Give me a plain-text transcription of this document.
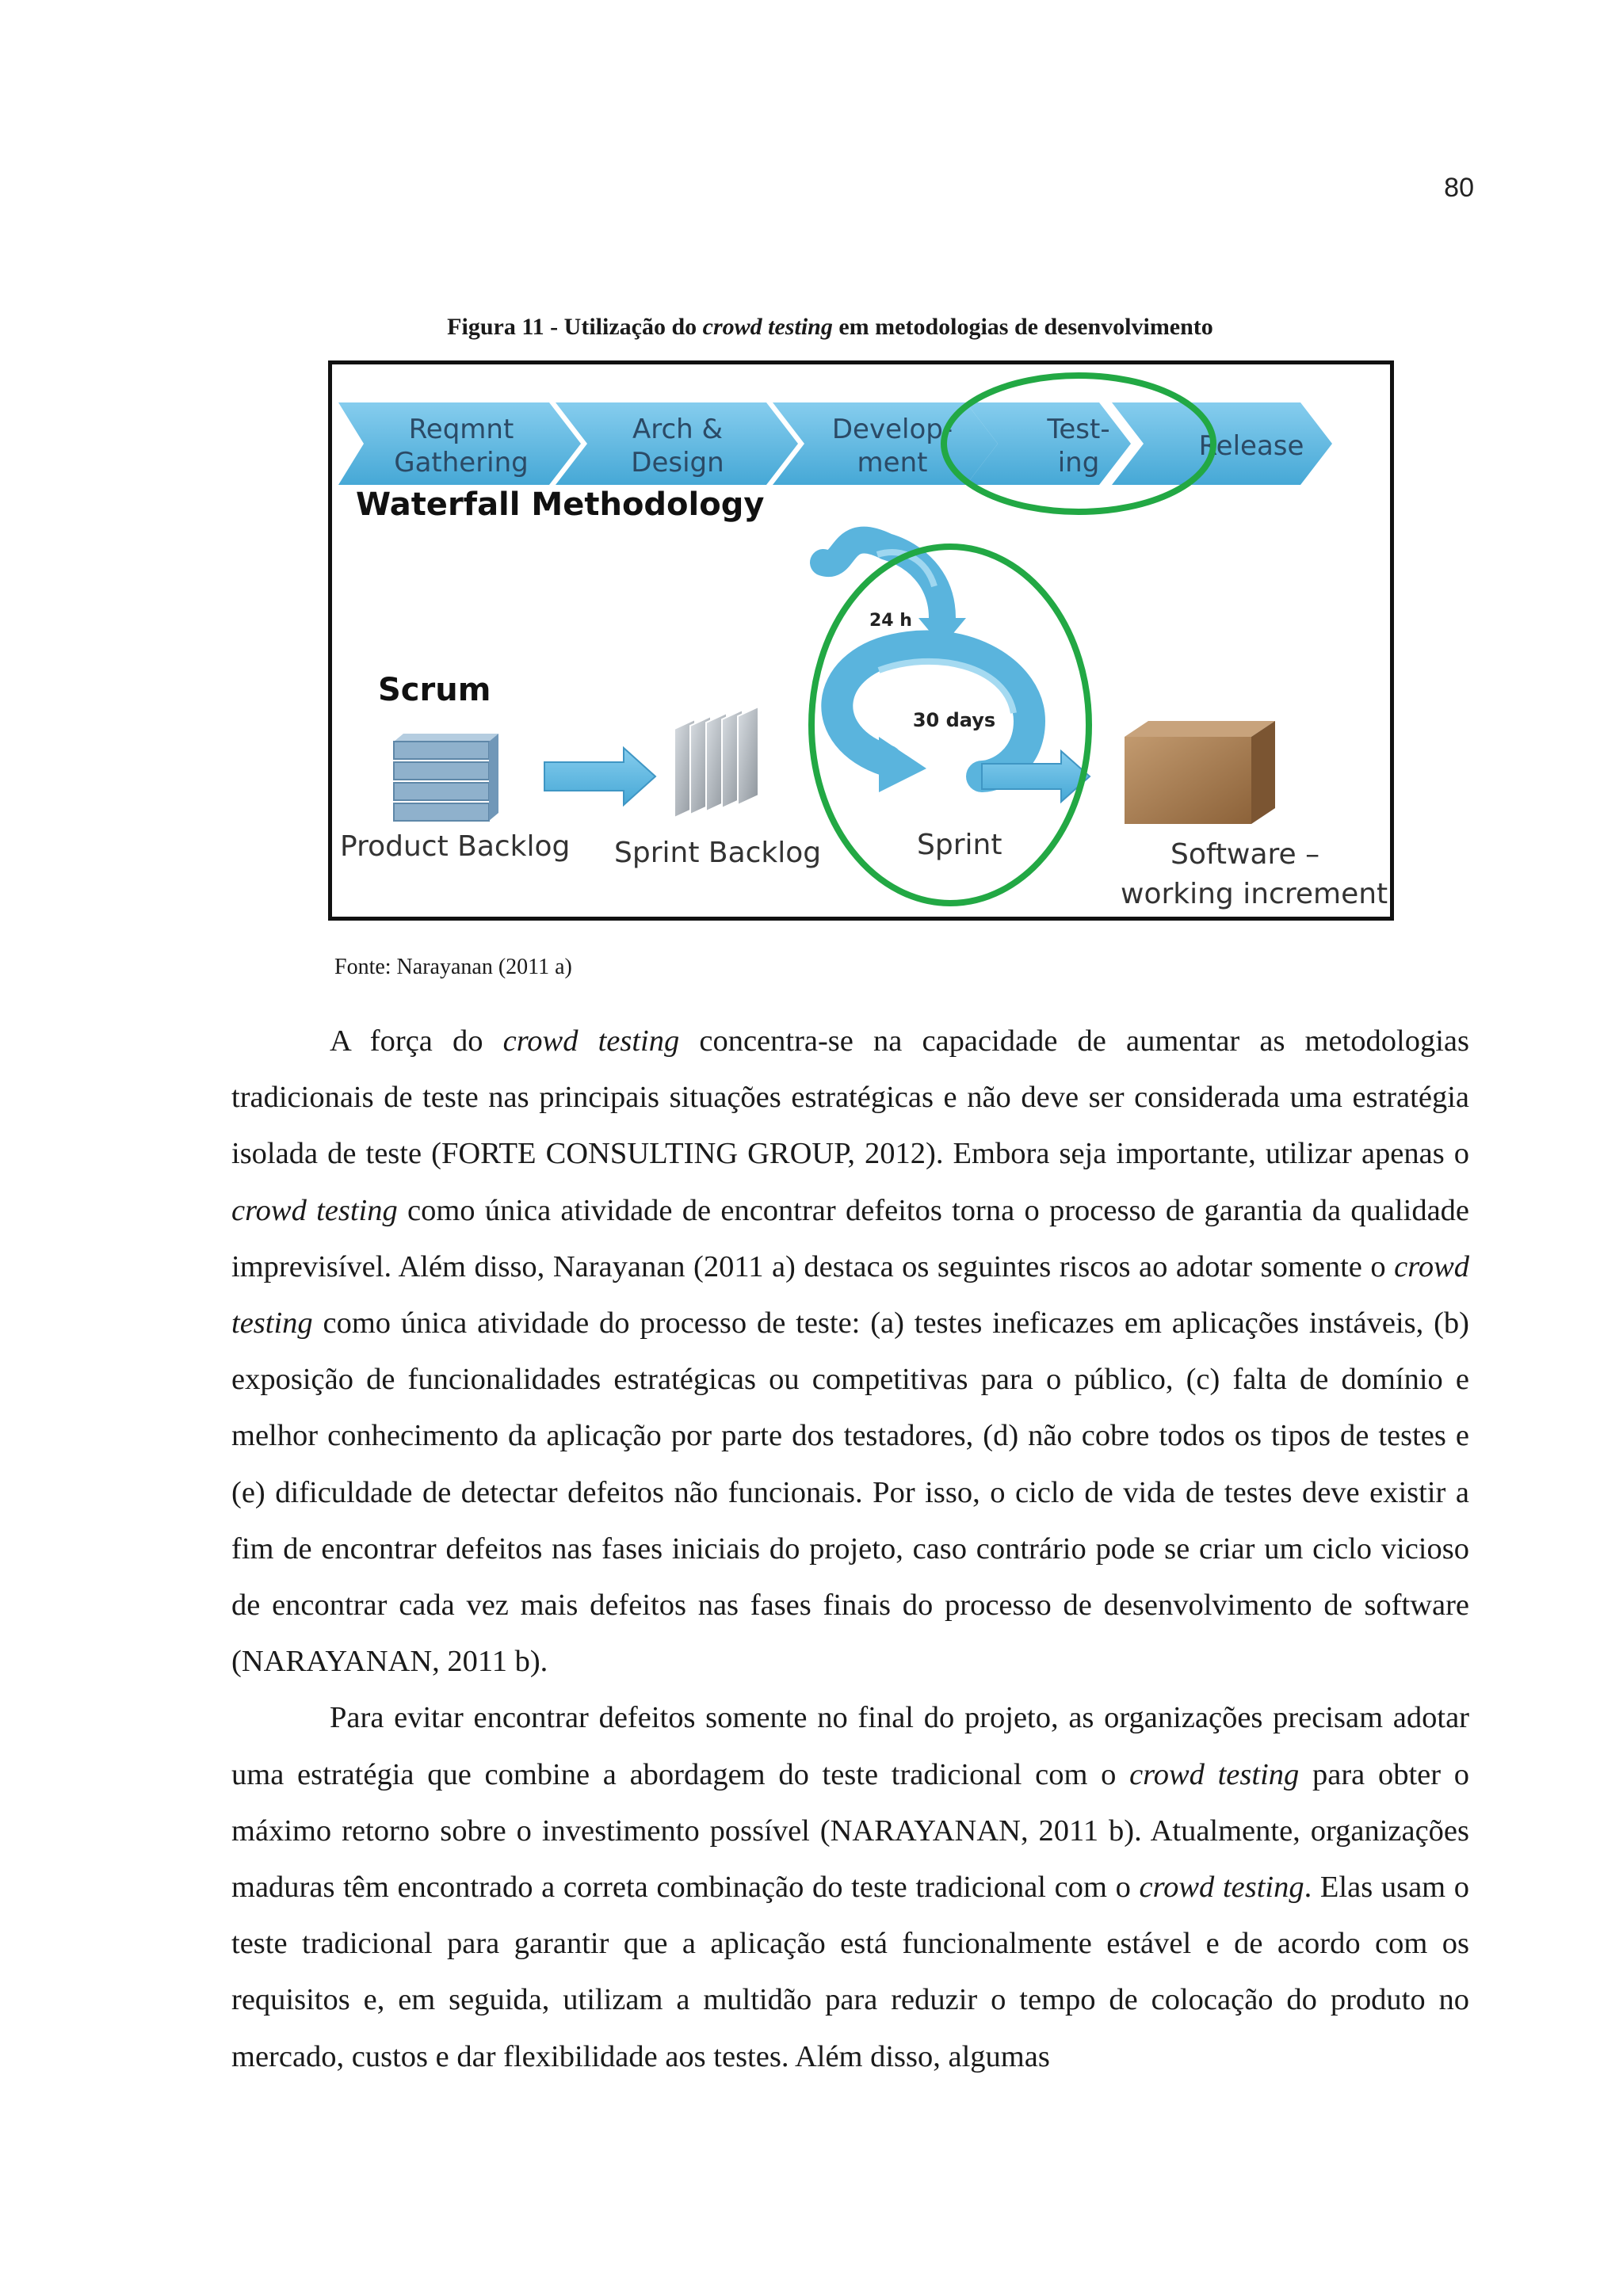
80
Figura 11 - Utilização do crowd testing em metodologias de desenvolvimento
Reqmnt
Gathering
Arch &
Design
Develop-
ment
Test-
ing
Release
Waterfall Methodology
Scrum
Product Backlog Sprint Backlog
24 h
30 days
Sprint	Software –
working increment
Fonte: Narayanan (2011 a)

A força do crowd testing concentra-se na capacidade de aumentar as metodologias tradicionais de teste nas principais situações estratégicas e não deve ser considerada uma estratégia isolada de teste (FORTE CONSULTING GROUP, 2012). Embora seja importante, utilizar apenas o crowd testing como única atividade de encontrar defeitos torna o processo de garantia da qualidade imprevisível. Além disso, Narayanan (2011 a) destaca os seguintes riscos ao adotar somente o crowd testing como única atividade do processo de teste: (a) testes ineficazes em aplicações instáveis, (b) exposição de funcionalidades estratégicas ou competitivas para o público, (c) falta de domínio e melhor conhecimento da aplicação por parte dos testadores, (d) não cobre todos os tipos de testes e (e) dificuldade de detectar defeitos não funcionais. Por isso, o ciclo de vida de testes deve existir a fim de encontrar defeitos nas fases iniciais do projeto, caso contrário pode se criar um ciclo vicioso de encontrar cada vez mais defeitos nas fases finais do processo de desenvolvimento de software (NARAYANAN, 2011 b).

Para evitar encontrar defeitos somente no final do projeto, as organizações precisam adotar uma estratégia que combine a abordagem do teste tradicional com o crowd testing para obter o máximo retorno sobre o investimento possível (NARAYANAN, 2011 b). Atualmente, organizações maduras têm encontrado a correta combinação do teste tradicional com o crowd testing. Elas usam o teste tradicional para garantir que a aplicação está funcionalmente estável e de acordo com os requisitos e, em seguida, utilizam a multidão para reduzir o tempo de colocação do produto no mercado, custos e dar flexibilidade aos testes. Além disso, algumas
